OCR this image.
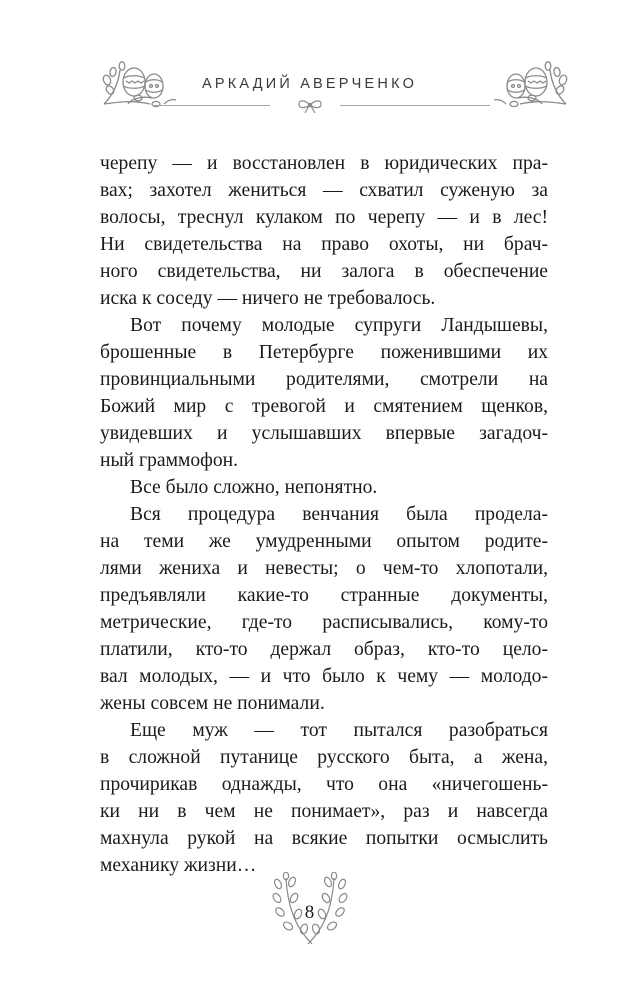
АРКАДИЙ АВЕРЧЕНКО

черепу — и восстановлен в юридических пра-
вах; захотел жениться — схватил суженую за
волосы, треснул кулаком по черепу — и в лес!
Ни свидетельства на право охоты, ни брач-
ного свидетельства, ни залога в обеспечение
иска к соседу — ничего не требовалось.

Вот почему молодые супруги Ландышевы,
брошенные в Петербурге поженившими их
провинциальными родителями, смотрели на
Божий мир с тревогой и смятением щенков,
увидевших и услышавших впервые загадоч-
ный граммофон.

Все было сложно, непонятно.

Вся процедура венчания была продела-
на теми же умудренными опытом родите-
лями жениха и невесты; о чем-то хлопотали,
предъявляли какие-то странные документы,
метрические, где-то расписывались, кому-то
платили, кто-то держал образ, кто-то цело-
вал молодых, — и что было к чему — молодо-
жены совсем не понимали.

Еще муж — тот пытался разобраться
в сложной путанице русского быта, а жена,
прочирикав однажды, что она «ничегошень-
ки ни в чем не понимает», раз и навсегда
махнула рукой на всякие попытки осмыслить
механику жизни…

8
